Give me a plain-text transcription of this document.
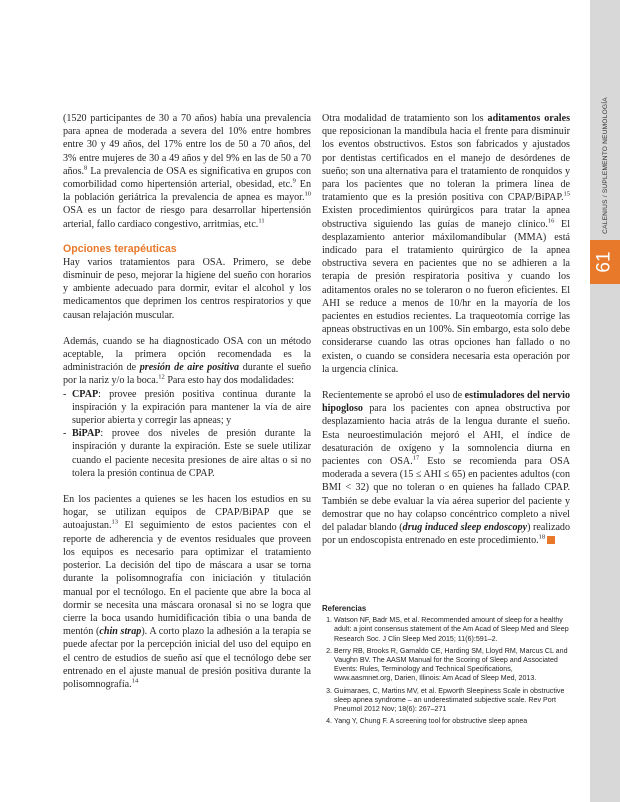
CALENIUS / SUPLEMENTO NEUMOLOGÍA
61

(1520 participantes de 30 a 70 años) había una prevalencia para apnea de moderada a severa del 10% entre hombres entre 30 y 49 años, del 17% entre los de 50 a 70 años, del 3% entre mujeres de 30 a 49 años y del 9% en las de 50 a 70 años.$^8$ La prevalencia de OSA es significativa en grupos con comorbilidad como hipertensión arterial, obesidad, etc.$^9$ En la población geriátrica la prevalencia de apnea es mayor.$^{10}$ OSA es un factor de riesgo para desarrollar hipertensión arterial, fallo cardiaco congestivo, arritmias, etc.$^{11}$

Opciones terapéuticas

Hay varios tratamientos para OSA. Primero, se debe disminuir de peso, mejorar la higiene del sueño con horarios y ambiente adecuado para dormir, evitar el alcohol y los medicamentos que deprimen los centros respiratorios y que causan relajación muscular.

Además, cuando se ha diagnosticado OSA con un método aceptable, la primera opción recomendada es la administración de presión de aire positiva durante el sueño por la nariz y/o la boca.$^{12}$ Para esto hay dos modalidades:

- CPAP: provee presión positiva continua durante la inspiración y la expiración para mantener la vía de aire superior abierta y corregir las apneas; y
- BiPAP: provee dos niveles de presión durante la inspiración y durante la expiración. Este se suele utilizar cuando el paciente necesita presiones de aire altas o si no tolera la presión continua de CPAP.

En los pacientes a quienes se les hacen los estudios en su hogar, se utilizan equipos de CPAP/BiPAP que se autoajustan.$^{13}$ El seguimiento de estos pacientes con el reporte de adherencia y de eventos residuales que proveen los equipos es necesario para optimizar el tratamiento posterior. La decisión del tipo de máscara a usar se torna durante la polisomnografía con iniciación y titulación manual por el tecnólogo. En el paciente que abre la boca al dormir se necesita una máscara oronasal si no se logra que cierre la boca usando humidificación tibia o una banda de mentón (chin strap). A corto plazo la adhesión a la terapia se puede afectar por la percepción inicial del uso del equipo en el centro de estudios de sueño así que el tecnólogo debe ser entrenado en el ajuste manual de presión positiva durante la polisomnografía.$^{14}$

Otra modalidad de tratamiento son los aditamentos orales que reposicionan la mandíbula hacia el frente para disminuir los eventos obstructivos. Estos son fabricados y ajustados por dentistas certificados en el manejo de desórdenes de sueño; son una alternativa para el tratamiento de ronquidos y para los pacientes que no toleran la primera línea de tratamiento que es la presión positiva con CPAP/BiPAP.$^{15}$ Existen procedimientos quirúrgicos para tratar la apnea obstructiva siguiendo las guías de manejo clínico.$^{16}$ El desplazamiento anterior máxilomandibular (MMA) está indicado para el tratamiento quirúrgico de la apnea obstructiva severa en pacientes que no se adhieren a la terapia de presión respiratoria positiva y cuando los aditamentos orales no se toleraron o no fueron eficientes. El AHI se reduce a menos de 10/hr en la mayoría de los pacientes en estudios recientes. La traqueotomía corrige las apneas obstructivas en un 100%. Sin embargo, esta solo debe considerarse cuando las otras opciones han fallado o no existen, o cuando se considera necesaria esta operación por la urgencia clínica.

Recientemente se aprobó el uso de estimuladores del nervio hipogloso para los pacientes con apnea obstructiva por desplazamiento hacia atrás de la lengua durante el sueño. Esta neuroestimulación mejoró el AHI, el índice de desaturación de oxígeno y la somnolencia diurna en pacientes con OSA.$^{17}$ Esto se recomienda para OSA moderada a severa (15 ≤ AHI ≤ 65) en pacientes adultos (con BMI < 32) que no toleran o en quienes ha fallado CPAP. También se debe evaluar la vía aérea superior del paciente y demostrar que no hay colapso concéntrico completo a nivel del paladar blando (drug induced sleep endoscopy) realizado por un endoscopista entrenado en este procedimiento.$^{18}$

Referencias
1. Watson NF, Badr MS, et al. Recommended amount of sleep for a healthy adult: a joint consensus statement of the Am Acad of Sleep Med and Sleep Research Soc. J Clin Sleep Med 2015; 11(6):591–2.
2. Berry RB, Brooks R, Gamaldo CE, Harding SM, Lloyd RM, Marcus CL and Vaughn BV. The AASM Manual for the Scoring of Sleep and Associated Events: Rules, Terminology and Technical Specifications, www.aasmnet.org, Darien, Illinois: Am Acad of Sleep Med, 2013.
3. Guimaraes, C, Martins MV, et al. Epworth Sleepiness Scale in obstructive sleep apnea syndrome – an underestimated subjective scale. Rev Port Pneumol 2012 Nov; 18(6): 267–271
4. Yang Y, Chung F. A screening tool for obstructive sleep apnea
